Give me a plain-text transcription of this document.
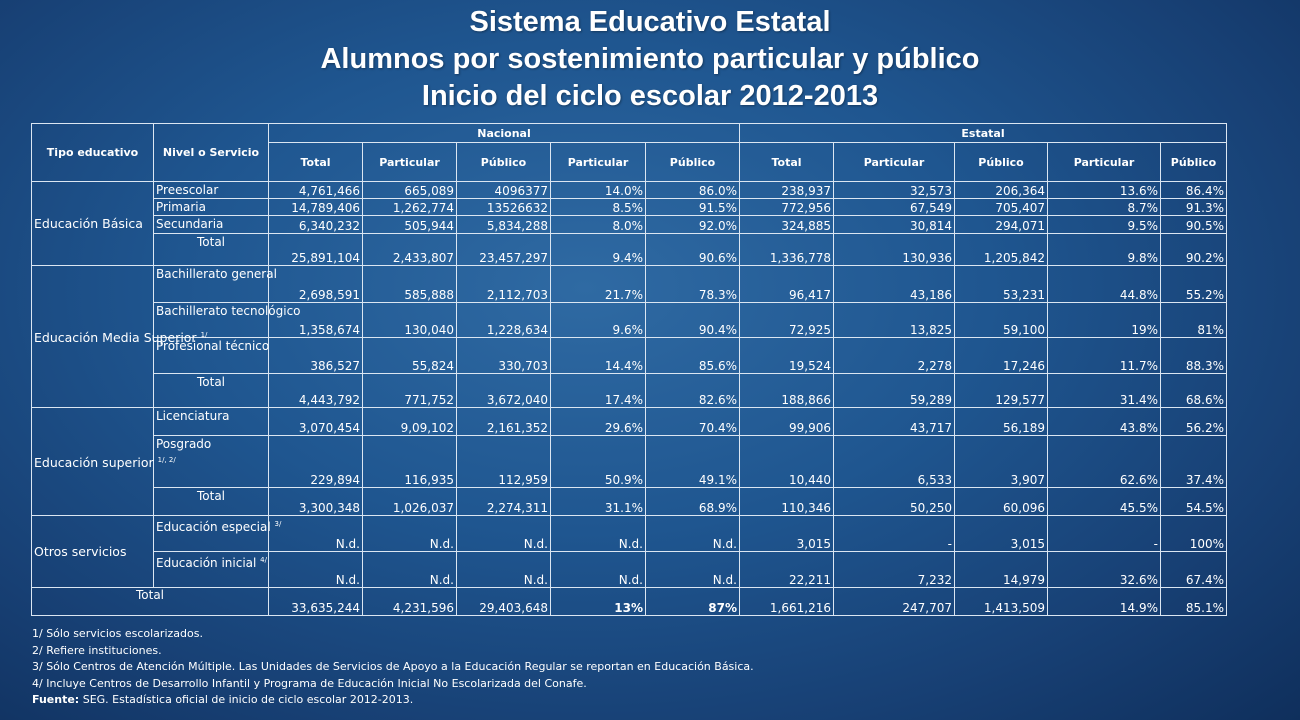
Sistema Educativo Estatal
Alumnos por sostenimiento particular y público
Inicio del ciclo escolar 2012-2013
Tipo educativo	Nivel o Servicio	Nacional					Estatal				
		Total	Particular	Público	Particular	Público	Total	Particular	Público	Particular	Público
Educación Básica	Preescolar	4,761,466	665,089	4096377	14.0%	86.0%	238,937	32,573	206,364	13.6%	86.4%
	Primaria	14,789,406	1,262,774	13526632	8.5%	91.5%	772,956	67,549	705,407	8.7%	91.3%
	Secundaria	6,340,232	505,944	5,834,288	8.0%	92.0%	324,885	30,814	294,071	9.5%	90.5%
	Total	25,891,104	2,433,807	23,457,297	9.4%	90.6%	1,336,778	130,936	1,205,842	9.8%	90.2%
Educación Media Superior $^{1/}$	Bachillerato general	2,698,591	585,888	2,112,703	21.7%	78.3%	96,417	43,186	53,231	44.8%	55.2%
	Bachillerato tecnológico	1,358,674	130,040	1,228,634	9.6%	90.4%	72,925	13,825	59,100	19%	81%
	Profesional técnico	386,527	55,824	330,703	14.4%	85.6%	19,524	2,278	17,246	11.7%	88.3%
	Total	4,443,792	771,752	3,672,040	17.4%	82.6%	188,866	59,289	129,577	31.4%	68.6%
Educación superior $^{1/, 2/}$	Licenciatura	3,070,454	9,09,102	2,161,352	29.6%	70.4%	99,906	43,717	56,189	43.8%	56.2%
	Posgrado	229,894	116,935	112,959	50.9%	49.1%	10,440	6,533	3,907	62.6%	37.4%
	Total	3,300,348	1,026,037	2,274,311	31.1%	68.9%	110,346	50,250	60,096	45.5%	54.5%
Otros servicios	Educación especial $^{3/}$	N.d.	N.d.	N.d.	N.d.	N.d.	3,015	-	3,015	-	100%
	Educación inicial $^{4/}$	N.d.	N.d.	N.d.	N.d.	N.d.	22,211	7,232	14,979	32.6%	67.4%
Total		33,635,244	4,231,596	29,403,648	13%	87%	1,661,216	247,707	1,413,509	14.9%	85.1%
1/ Sólo servicios escolarizados.
2/ Refiere instituciones.
3/ Sólo Centros de Atención Múltiple. Las Unidades de Servicios de Apoyo a la Educación Regular se reportan en Educación Básica.
4/ Incluye Centros de Desarrollo Infantil y Programa de Educación Inicial No Escolarizada del Conafe.
Fuente: SEG. Estadística oficial de inicio de ciclo escolar 2012-2013.
